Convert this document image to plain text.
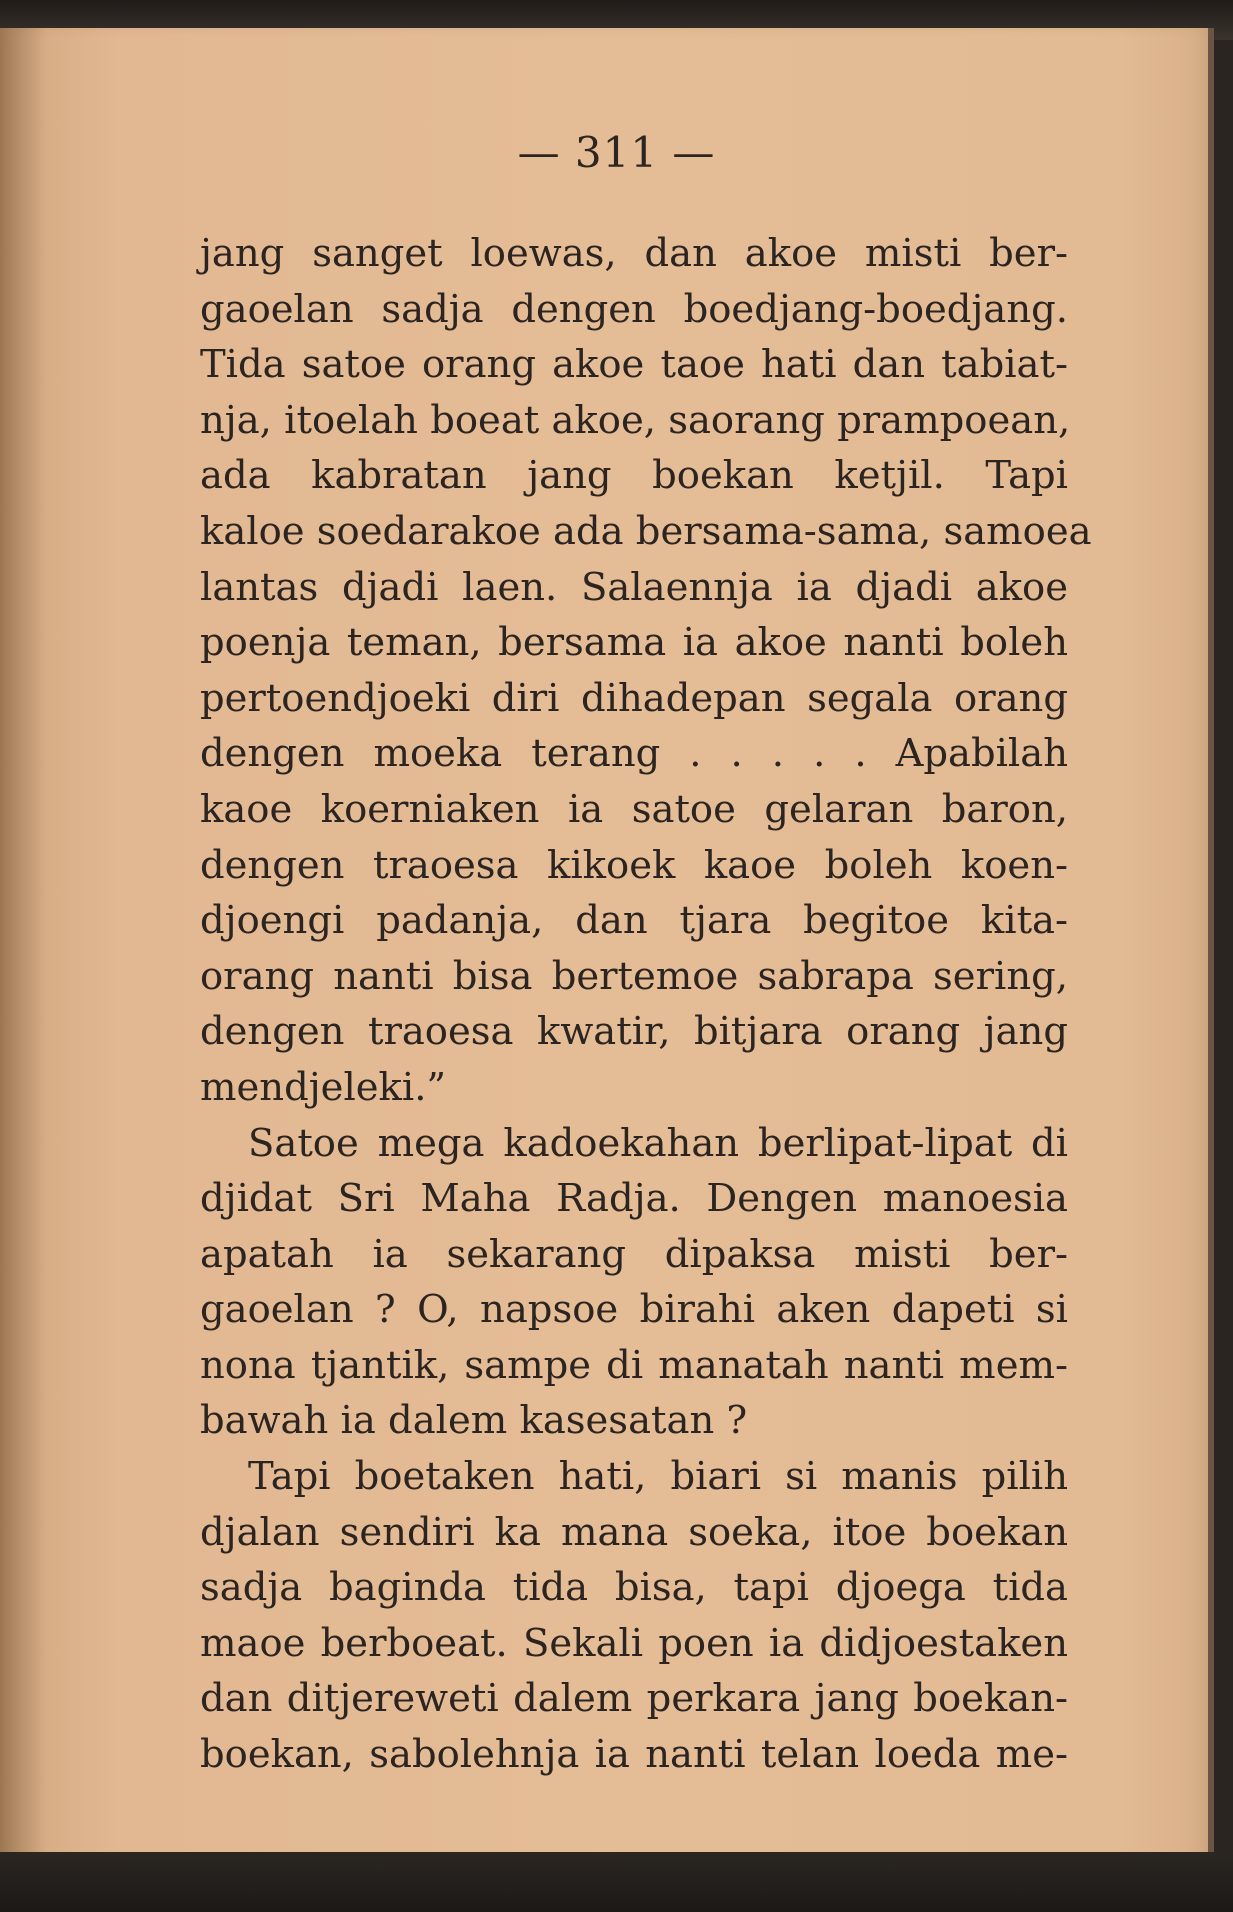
— 311 —
jang sanget loewas, dan akoe misti ber-
gaoelan sadja dengen boedjang-boedjang.
Tida satoe orang akoe taoe hati dan tabiat-
nja, itoelah boeat akoe, saorang prampoean,
ada kabratan jang boekan ketjil. Tapi
kaloe soedarakoe ada bersama-sama, samoea
lantas djadi laen. Salaennja ia djadi akoe
poenja teman, bersama ia akoe nanti boleh
pertoendjoeki diri dihadepan segala orang
dengen moeka terang . . . . . Apabilah
kaoe koerniaken ia satoe gelaran baron,
dengen traoesa kikoek kaoe boleh koen-
djoengi padanja, dan tjara begitoe kita-
orang nanti bisa bertemoe sabrapa sering,
dengen traoesa kwatir, bitjara orang jang
mendjeleki.”
Satoe mega kadoekahan berlipat-lipat di
djidat Sri Maha Radja. Dengen manoesia
apatah ia sekarang dipaksa misti ber-
gaoelan ? O, napsoe birahi aken dapeti si
nona tjantik, sampe di manatah nanti mem-
bawah ia dalem kasesatan ?
Tapi boetaken hati, biari si manis pilih
djalan sendiri ka mana soeka, itoe boekan
sadja baginda tida bisa, tapi djoega tida
maoe berboeat. Sekali poen ia didjoestaken
dan ditjereweti dalem perkara jang boekan-
boekan, sabolehnja ia nanti telan loeda me-
